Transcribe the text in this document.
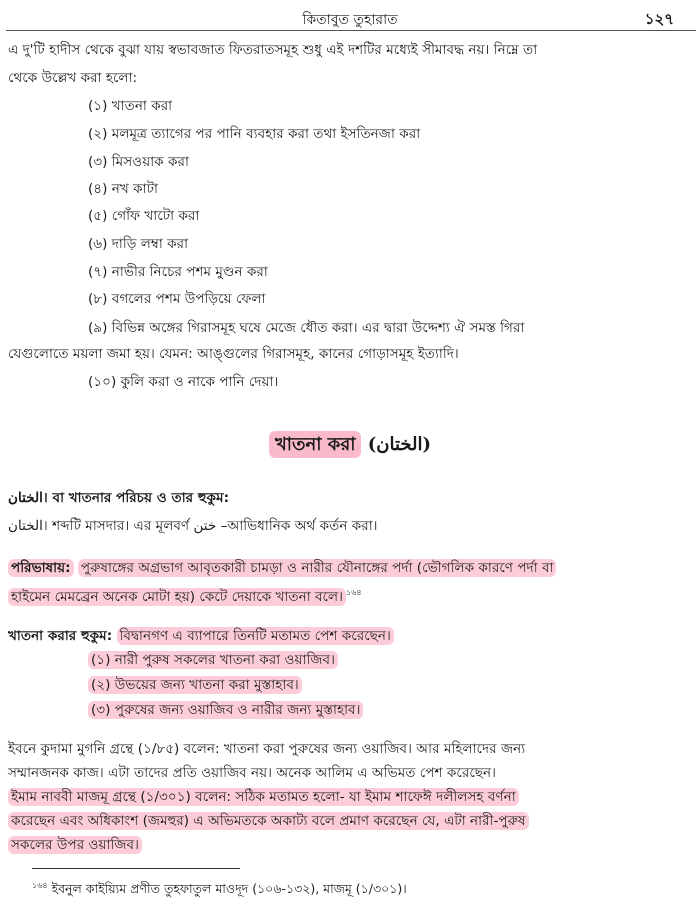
কিতাবুত তুহারাত	১২৭
এ দু'টি হাদীস থেকে বুঝা যায় স্বভাবজাত ফিতরাতসমূহ শুধু এই দশটির মধ্যেই সীমাবদ্ধ নয়। নিম্নে তা
থেকে উল্লেখ করা হলো:
(১) খাতনা করা
(২) মলমূত্র ত্যাগের পর পানি ব্যবহার করা তথা ইসতিনজা করা
(৩) মিসওয়াক করা
(৪) নখ কাটা
(৫) গোঁফ খাটো করা
(৬) দাড়ি লম্বা করা
(৭) নাভীর নিচের পশম মুণ্ডন করা
(৮) বগলের পশম উপড়িয়ে ফেলা
(৯) বিভিন্ন অঙ্গের গিরাসমূহ ঘষে মেজে ধৌত করা। এর দ্বারা উদ্দেশ্য ঐ সমস্ত গিরা
যেগুলোতে ময়লা জমা হয়। যেমন: আঙ্গুলের গিরাসমূহ, কানের গোড়াসমূহ ইত্যাদি।
(১০) কুলি করা ও নাকে পানি দেয়া।
খাতনা করা (الختان)
الختان। বা খাতনার পরিচয় ও তার হুকুম:
الختان। শব্দটি মাসদার। এর মূলবর্ণ ختن –আভিধানিক অর্থ কর্তন করা।
পরিভাষায়: পুরুষাঙ্গের অগ্রভাগ আবৃতকারী চামড়া ও নারীর যৌনাঙ্গের পর্দা (ভৌগলিক কারণে পর্দা বা
হাইমেন মেমব্রেন অনেক মোটা হয়) কেটে দেয়াকে খাতনা বলে। $^{১৬৪}$
খাতনা করার হুকুম: বিদ্বানগণ এ ব্যাপারে তিনটি মতামত পেশ করেছেন।
(১) নারী পুরুষ সকলের খাতনা করা ওয়াজিব।
(২) উভয়ের জন্য খাতনা করা মুস্তাহাব।
(৩) পুরুষের জন্য ওয়াজিব ও নারীর জন্য মুস্তাহাব।
ইবনে কুদামা মুগনি গ্রন্থে (১/৮৫) বলেন: খাতনা করা পুরুষের জন্য ওয়াজিব। আর মহিলাদের জন্য
সম্মানজনক কাজ। এটা তাদের প্রতি ওয়াজিব নয়। অনেক আলিম এ অভিমত পেশ করেছেন।
ইমাম নাববী মাজমূ গ্রন্থে (১/৩০১) বলেন: সঠিক মতামত হলো- যা ইমাম শাফেঈ দলীলসহ বর্ণনা
করেছেন এবং অধিকাংশ (জমহুর) এ অভিমতকে অকাট্য বলে প্রমাণ করেছেন যে, এটা নারী-পুরুষ
সকলের উপর ওয়াজিব।
$^{১৬৪}$ ইবনুল কাইয়্যিম প্রণীত তুহফাতুল মাওদূদ (১০৬-১৩২), মাজমূ (১/৩০১)।
